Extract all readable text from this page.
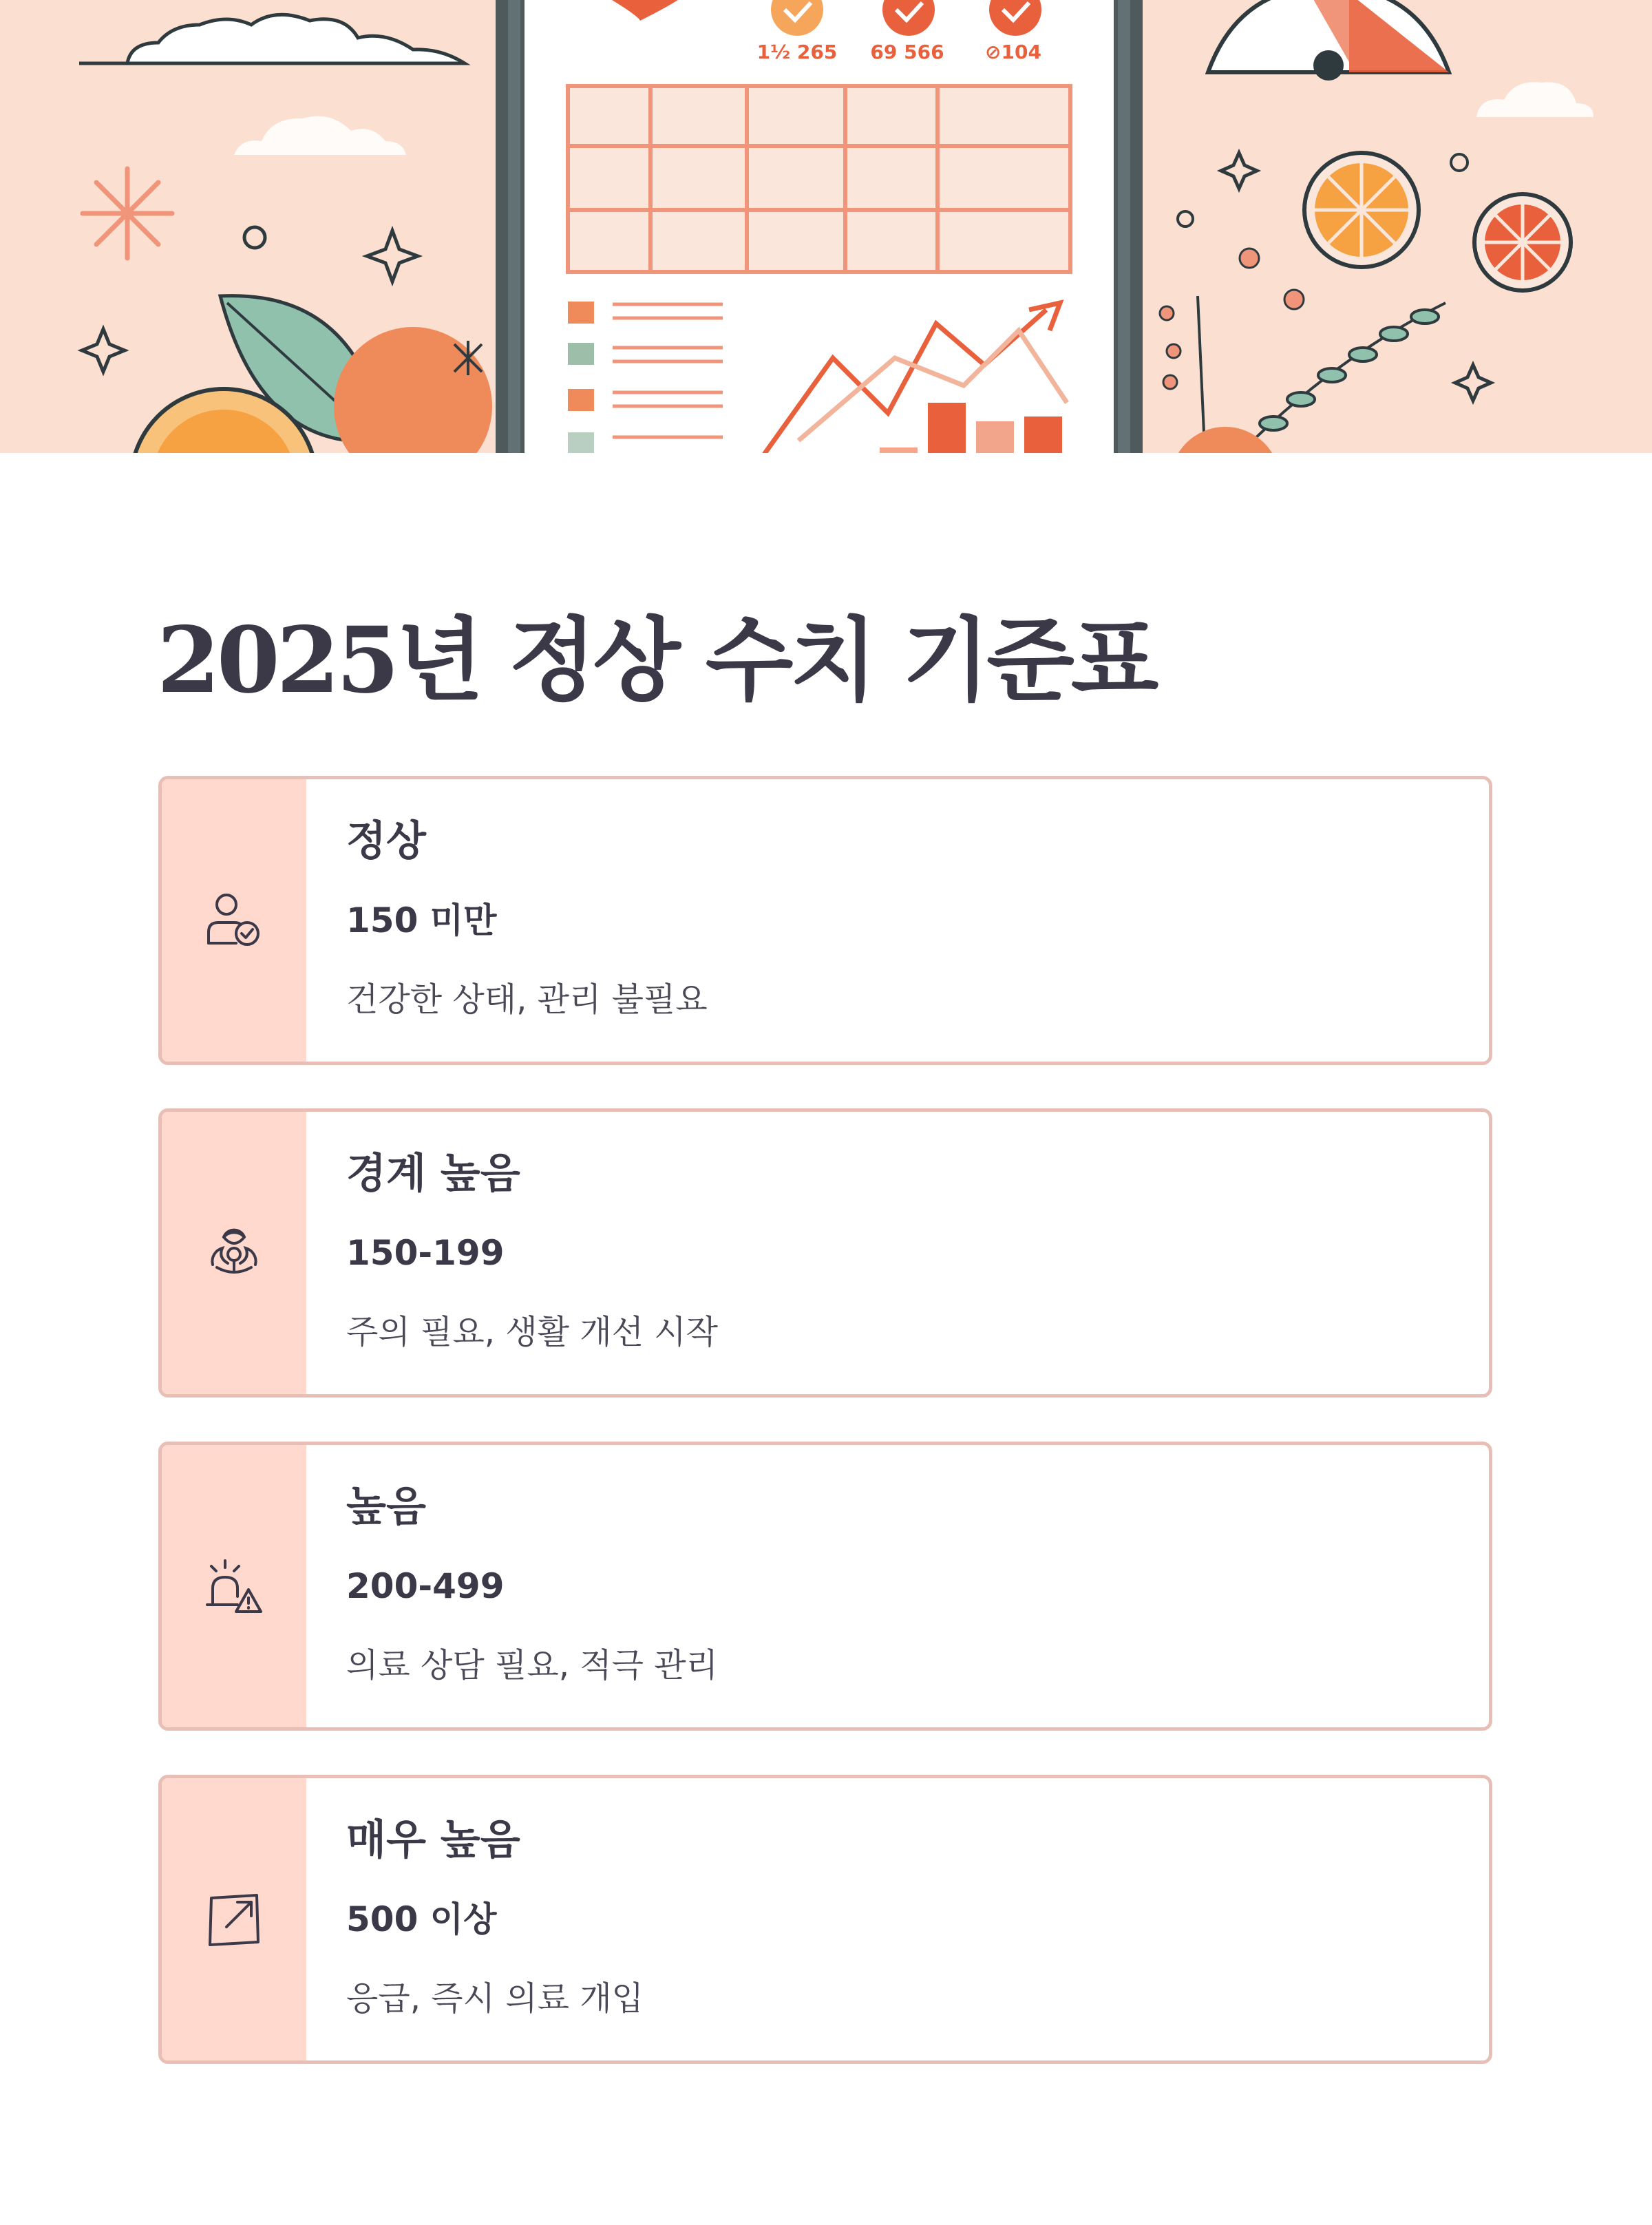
1½ 265 69 566 ⊘104
2025년 정상 수치 기준표
정상
150 미만
건강한 상태, 관리 불필요
경계 높음
150-199
주의 필요, 생활 개선 시작
높음
200-499
의료 상담 필요, 적극 관리
매우 높음
500 이상
응급, 즉시 의료 개입
